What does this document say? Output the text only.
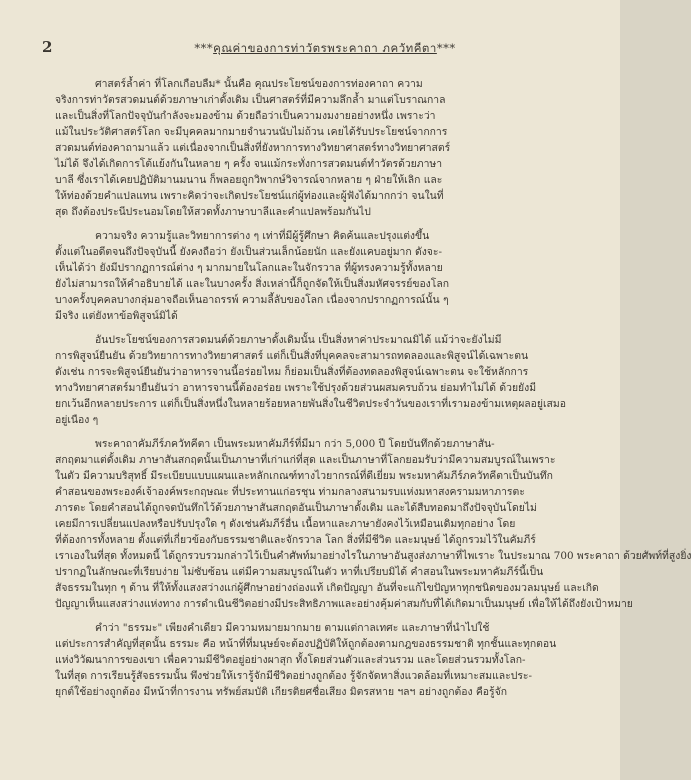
2	***คุณค่าของการท่าวัตรพระคาถา ภควัทคีตา***
ศาสตร์ล้ำค่า ที่โลกเกือบลืม* นั้นคือ คุณประโยชน์ของการท่องคาถา ความ
จริงการท่าวัตรสวดมนต์ด้วยภาษาเก่าดั้งเดิม เป็นศาสตร์ที่มีความลึกล้ำ มาแต่โบราณกาล
และเป็นสิ่งที่โลกปัจจุบันกำลังจะมองข้าม ด้วยถือว่าเป็นความงมงายอย่างหนึ่ง เพราะว่า
แม้ในประวัติศาสตร์โลก จะมีบุคคลมากมายจำนวนนับไม่ถ้วน เคยได้รับประโยชน์จากการ
สวดมนต์ท่องคาถามาแล้ว แต่เนื่องจากเป็นสิ่งที่ยังหาการทางวิทยาศาสตร์ทางวิทยาศาสตร์
ไม่ได้ จึงได้เกิดการโต้แย้งกันในหลาย ๆ ครั้ง จนแม้กระทั่งการสวดมนต์ทำวัตรด้วยภาษา
บาลี ซึ่งเราได้เคยปฏิบัติมานมนาน ก็พลอยถูกวิพากษ์วิจารณ์จากหลาย ๆ ฝ่ายให้เลิก และ
ให้ท่องด้วยคำแปลแทน เพราะคิดว่าจะเกิดประโยชน์แก่ผู้ท่องและผู้ฟังได้มากกว่า จนในที่
สุด ถึงต้องประนีประนอมโดยให้สวดทั้งภาษาบาลีและคำแปลพร้อมกันไป
ความจริง ความรู้และวิทยาการต่าง ๆ เท่าที่มีผู้รู้ศึกษา คิดค้นและปรุงแต่งขึ้น
ตั้งแต่ในอดีตจนถึงปัจจุบันนี้ ยังคงถือว่า ยังเป็นส่วนเล็กน้อยนัก และยังแคบอยู่มาก ดังจะ-
เห็นได้ว่า ยังมีปรากฏการณ์ต่าง ๆ มากมายในโลกและในจักรวาล ที่ผู้ทรงความรู้ทั้งหลาย
ยังไม่สามารถให้คำอธิบายได้ และในบางครั้ง สิ่งเหล่านี้ก็ถูกจัดให้เป็นสิ่งมหัศจรรย์ของโลก
บางครั้งบุคคลบางกลุ่มอาจถือเห็นอาถรรพ์ ความลี้ลับของโลก เนื่องจากปรากฏการณ์นั้น ๆ
มีจริง แต่ยังหาข้อพิสูจน์มิได้
อันประโยชน์ของการสวดมนต์ด้วยภาษาดั้งเดิมนั้น เป็นสิ่งหาค่าประมาณมิได้ แม้ว่าจะยังไม่มี
การพิสูจน์ยืนยัน ด้วยวิทยาการทางวิทยาศาสตร์ แต่ก็เป็นสิ่งที่บุคคลจะสามารถทดลองและพิสูจน์ได้เฉพาะตน
ดังเช่น การจะพิสูจน์ยืนยันว่าอาหารจานนี้อร่อยไหม ก็ย่อมเป็นสิ่งที่ต้องทดลองพิสูจน์เฉพาะตน จะใช้หลักการ
ทางวิทยาศาสตร์มายืนยันว่า อาหารจานนี้ต้องอร่อย เพราะใช้ปรุงด้วยส่วนผสมครบถ้วน ย่อมทำไม่ได้ ด้วยยังมี
ยกเว้นอีกหลายประการ แต่ก็เป็นสิ่งหนึ่งในหลายร้อยหลายพันสิ่งในชีวิตประจำวันของเราที่เรามองข้ามเหตุผลอยู่เสมอ
อยู่เนือง ๆ
พระคาถาคัมภีร์ภควัทคีตา เป็นพระมหาคัมภีร์ที่มีมา กว่า 5,000 ปี โดยบันทึกด้วยภาษาสัน-
สกฤตมาแต่ดั้งเดิม ภาษาสันสกฤตนั้นเป็นภาษาที่เก่าแก่ที่สุด และเป็นภาษาที่โลกยอมรับว่ามีความสมบูรณ์ในเพราะ
ในตัว มีความบริสุทธิ์ มีระเบียบแบบแผนและหลักเกณฑ์ทางไวยากรณ์ที่ดีเยี่ยม พระมหาคัมภีร์ภควัทคีตาเป็นบันทึก
คำสอนของพระองค์เจ้าองค์พระกฤษณะ ที่ประทานแก่อรชุน ท่ามกลางสนามรบแห่งมหาสงครามมหาภารตะ
ภารตะ โดยคำสอนได้ถูกจดบันทึกไว้ด้วยภาษาสันสกฤตอันเป็นภาษาดั้งเดิม และได้สืบทอดมาถึงปัจจุบันโดยไม่
เคยมีการเปลี่ยนแปลงหรือปรับปรุงใด ๆ ดังเช่นคัมภีร์อื่น เนื้อหาและภาษายังคงไว้เหมือนเดิมทุกอย่าง โดย
ที่ต้องการทั้งหลาย ตั้งแต่ที่เกี่ยวข้องกับธรรมชาติและจักรวาล โลก สิ่งที่มีชีวิต และมนุษย์ ได้ถูกรวมไว้ในคัมภีร์
เราเองในที่สุด ทั้งหมดนี้ ได้ถูกรวบรวมกล่าวไว้เป็นคำศัพท์มาอย่างไรในภาษาอันสูงส่งภาษาที่ไพเราะ ในประมาณ 700 พระคาถา ด้วยศัพท์ที่สูงยิ่ง
ปรากฏในลักษณะที่เรียบง่าย ไม่ซับซ้อน แต่มีความสมบูรณ์ในตัว หาที่เปรียบมิได้ คำสอนในพระมหาคัมภีร์นี้เป็น
สัจธรรมในทุก ๆ ด้าน ที่ให้ทั้งแสงสว่างแก่ผู้ศึกษาอย่างถ่องแท้ เกิดปัญญา อันที่จะแก้ไขปัญหาทุกชนิดของมวลมนุษย์ และเกิด
ปัญญาเห็นแสงสว่างแห่งทาง การดำเนินชีวิตอย่างมีประสิทธิภาพและอย่างคุ้มค่าสมกับที่ได้เกิดมาเป็นมนุษย์ เพื่อให้ได้ถึงยังเป้าหมาย
คำว่า "ธรรมะ" เพียงคำเดียว มีความหมายมากมาย ตามแต่กาลเทศะ และภาษาที่นำไปใช้
แต่ประการสำคัญที่สุดนั้น ธรรมะ คือ หน้าที่ที่มนุษย์จะต้องปฏิบัติให้ถูกต้องตามกฎของธรรมชาติ ทุกชั้นและทุกตอน
แห่งวิวัฒนาการของเขา เพื่อความมีชีวิตอยู่อย่างผาสุก ทั้งโดยส่วนตัวและส่วนรวม และโดยส่วนรวมทั้งโลก-
ในที่สุด การเรียนรู้สัจธรรมนั้น พึงช่วยให้เรารู้จักมีชีวิตอย่างถูกต้อง รู้จักจัดหาสิ่งแวดล้อมที่เหมาะสมและประ-
ยุกต์ใช้อย่างถูกต้อง มีหน้าที่การงาน ทรัพย์สมบัติ เกียรติยศชื่อเสียง มิตรสหาย ฯลฯ อย่างถูกต้อง คือรู้จัก
